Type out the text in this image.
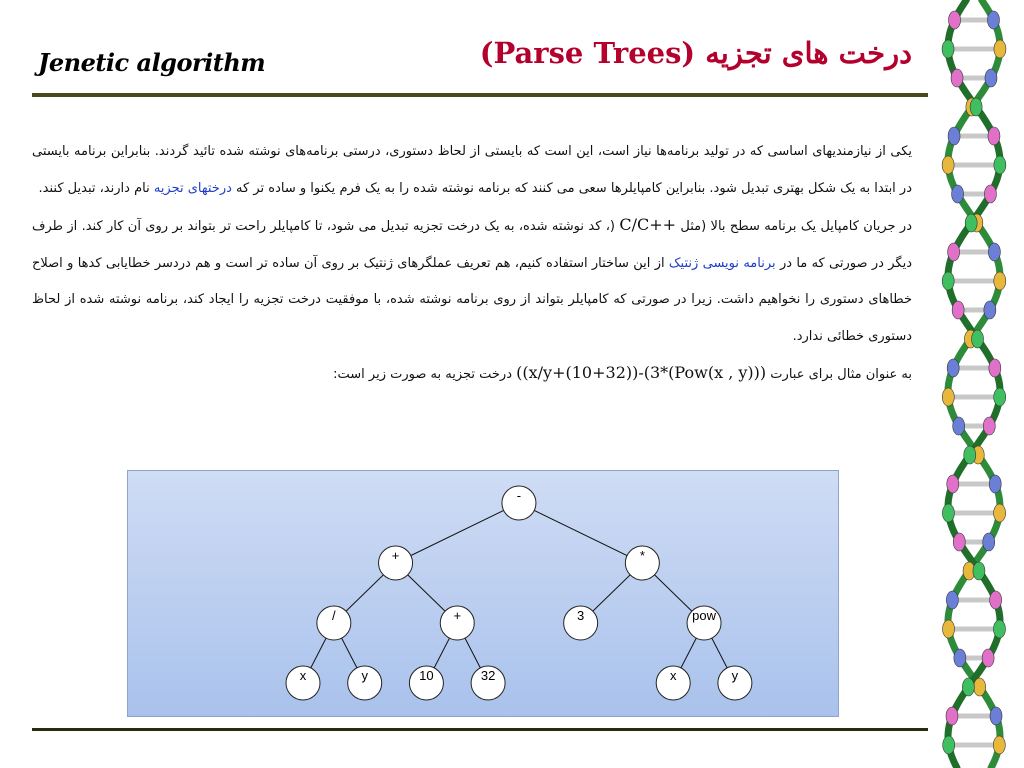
Jenetic algorithm	درخت های تجزیه (Parse Trees)

یکی از نیازمندیهای اساسی که در تولید برنامه‌ها نیاز است، این است که بایستی از لحاظ دستوری، درستی برنامه‌های نوشته شده تائید گردند. بنابراین برنامه بایستی در ابتدا به یک شکل بهتری تبدیل شود. بنابراین کامپایلرها سعی می کنند که برنامه نوشته شده را به یک فرم یکنوا و ساده تر که درختهای تجزیه نام دارند، تبدیل کنند.

در جریان کامپایل یک برنامه سطح بالا (مثل C/C++ (، کد نوشته شده، به یک درخت تجزیه تبدیل می شود، تا کامپایلر راحت تر بتواند بر روی آن کار کند. از طرف دیگر در صورتی که ما در برنامه نویسی ژنتیک از این ساختار استفاده کنیم، هم تعریف عملگرهای ژنتیک بر روی آن ساده تر است و هم دردسر خطایابی کدها و اصلاح خطاهای دستوری را نخواهیم داشت. زیرا در صورتی که کامپایلر بتواند از روی برنامه نوشته شده، با موفقیت درخت تجزیه را ایجاد کند، برنامه نوشته شده از لحاظ دستوری خطائی ندارد.

به عنوان مثال برای عبارت ((x/y+(10+32))-(3*(Pow(x , y))) درخت تجزیه به صورت زیر است:

-
+	*
/	+	3	pow
x	y	10	32	x	y
